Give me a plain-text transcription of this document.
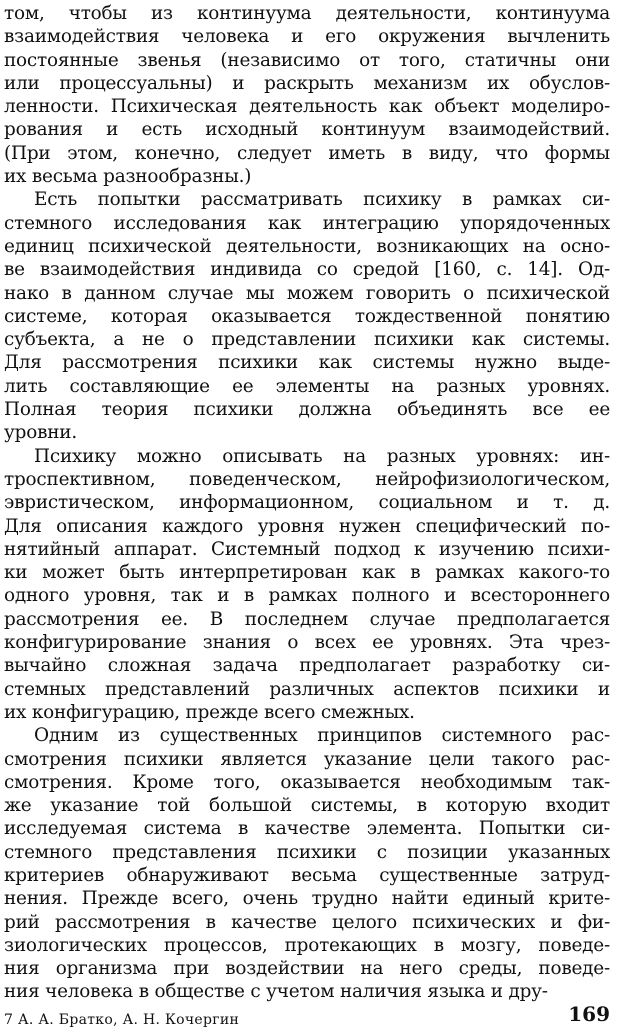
том, чтобы из континуума деятельности, континуума
взаимодействия человека и его окружения вычленить
постоянные звенья (независимо от того, статичны они
или процессуальны) и раскрыть механизм их обуслов-
ленности. Психическая деятельность как объект моделиро-
рования и есть исходный континуум взаимодействий.
(При этом, конечно, следует иметь в виду, что формы
их весьма разнообразны.)
Есть попытки рассматривать психику в рамках си-
стемного исследования как интеграцию упорядоченных
единиц психической деятельности, возникающих на осно-
ве взаимодействия индивида со средой [160, с. 14]. Од-
нако в данном случае мы можем говорить о психической
системе, которая оказывается тождественной понятию
субъекта, а не о представлении психики как системы.
Для рассмотрения психики как системы нужно выде-
лить составляющие ее элементы на разных уровнях.
Полная теория психики должна объединять все ее
уровни.
Психику можно описывать на разных уровнях: ин-
троспективном, поведенческом, нейрофизиологическом,
эвристическом, информационном, социальном и т. д.
Для описания каждого уровня нужен специфический по-
нятийный аппарат. Системный подход к изучению психи-
ки может быть интерпретирован как в рамках какого-то
одного уровня, так и в рамках полного и всестороннего
рассмотрения ее. В последнем случае предполагается
конфигурирование знания о всех ее уровнях. Эта чрез-
вычайно сложная задача предполагает разработку си-
стемных представлений различных аспектов психики и
их конфигурацию, прежде всего смежных.
Одним из существенных принципов системного рас-
смотрения психики является указание цели такого рас-
смотрения. Кроме того, оказывается необходимым так-
же указание той большой системы, в которую входит
исследуемая система в качестве элемента. Попытки си-
стемного представления психики с позиции указанных
критериев обнаруживают весьма существенные затруд-
нения. Прежде всего, очень трудно найти единый крите-
рий рассмотрения в качестве целого психических и фи-
зиологических процессов, протекающих в мозгу, поведе-
ния организма при воздействии на него среды, поведе-
ния человека в обществе с учетом наличия языка и дру-
7 А. А. Братко, А. Н. Кочергин	169
